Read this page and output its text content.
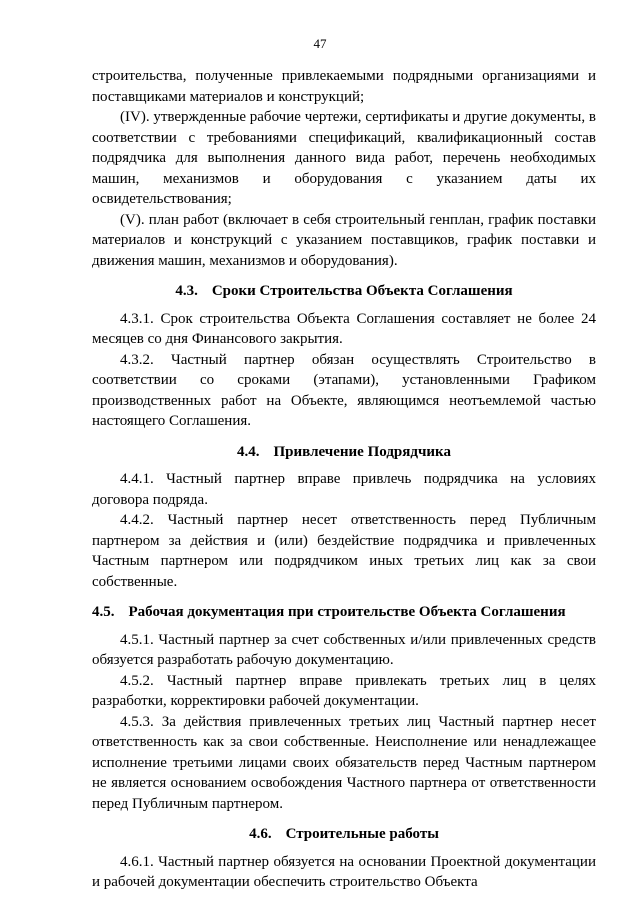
47

строительства, полученные привлекаемыми подрядными организациями и поставщиками материалов и конструкций;

(IV). утвержденные рабочие чертежи, сертификаты и другие документы, в соответствии с требованиями спецификаций, квалификационный состав подрядчика для выполнения данного вида работ, перечень необходимых машин, механизмов и оборудования с указанием даты их освидетельствования;

(V). план работ (включает в себя строительный генплан, график поставки материалов и конструкций с указанием поставщиков, график поставки и движения машин, механизмов и оборудования).

4.3. Сроки Строительства Объекта Соглашения

4.3.1. Срок строительства Объекта Соглашения составляет не более 24 месяцев со дня Финансового закрытия.

4.3.2. Частный партнер обязан осуществлять Строительство в соответствии со сроками (этапами), установленными Графиком производственных работ на Объекте, являющимся неотъемлемой частью настоящего Соглашения.

4.4. Привлечение Подрядчика

4.4.1. Частный партнер вправе привлечь подрядчика на условиях договора подряда.

4.4.2. Частный партнер несет ответственность перед Публичным партнером за действия и (или) бездействие подрядчика и привлеченных Частным партнером или подрядчиком иных третьих лиц как за свои собственные.

4.5. Рабочая документация при строительстве Объекта Соглашения

4.5.1. Частный партнер за счет собственных и/или привлеченных средств обязуется разработать рабочую документацию.

4.5.2. Частный партнер вправе привлекать третьих лиц в целях разработки, корректировки рабочей документации.

4.5.3. За действия привлеченных третьих лиц Частный партнер несет ответственность как за свои собственные. Неисполнение или ненадлежащее исполнение третьими лицами своих обязательств перед Частным партнером не является основанием освобождения Частного партнера от ответственности перед Публичным партнером.

4.6. Строительные работы

4.6.1. Частный партнер обязуется на основании Проектной документации и рабочей документации обеспечить строительство Объекта
